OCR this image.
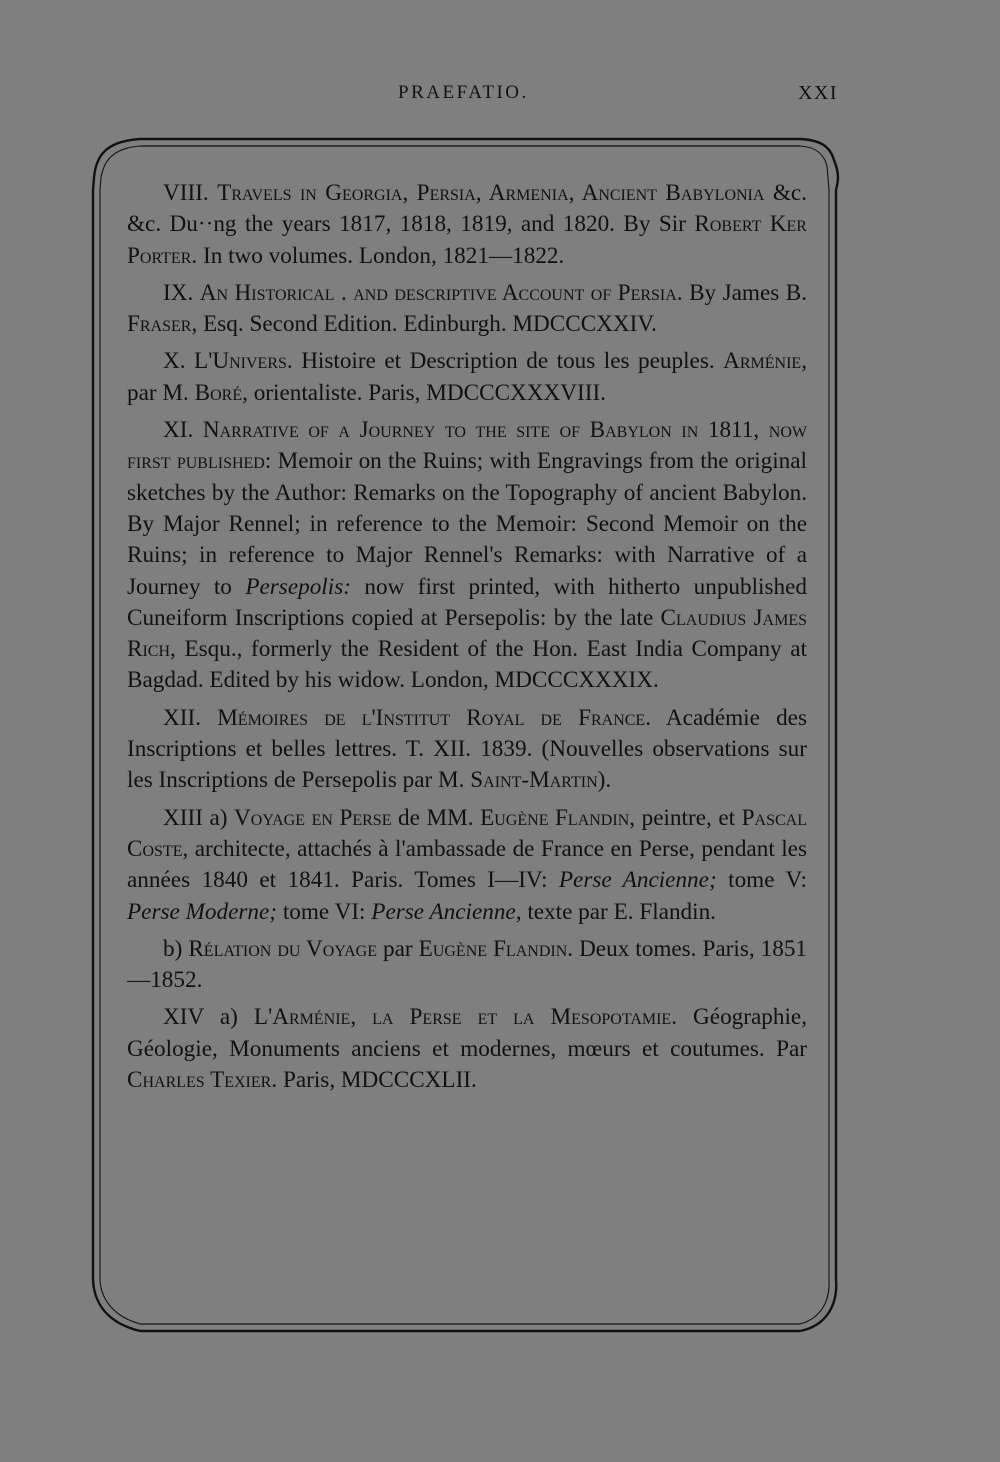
PRAEFATIO.	XXI

VIII. Travels in Georgia, Persia, Armenia, Ancient Babylonia &c. &c. Du··ng the years 1817, 1818, 1819, and 1820. By Sir Robert Ker Porter. In two volumes. London, 1821—1822.

IX. An Historical . and descriptive Account of Persia. By James B. Fraser, Esq. Second Edition. Edinburgh. MDCCCXXIV.

X. L'Univers. Histoire et Description de tous les peuples. Arménie, par M. Boré, orientaliste. Paris, MDCCCXXXVIII.

XI. Narrative of a Journey to the site of Babylon in 1811, now first published: Memoir on the Ruins; with Engravings from the original sketches by the Author: Remarks on the Topography of ancient Babylon. By Major Rennel; in reference to the Memoir: Second Memoir on the Ruins; in reference to Major Rennel's Remarks: with Narrative of a Journey to Persepolis: now first printed, with hitherto unpublished Cuneiform Inscriptions copied at Persepolis: by the late Claudius James Rich, Esqu., formerly the Resident of the Hon. East India Company at Bagdad. Edited by his widow. London, MDCCCXXXIX.

XII. Mémoires de l'Institut Royal de France. Académie des Inscriptions et belles lettres. T. XII. 1839. (Nouvelles observations sur les Inscriptions de Persepolis par M. Saint-Martin).

XIII a) Voyage en Perse de MM. Eugène Flandin, peintre, et Pascal Coste, architecte, attachés à l'ambassade de France en Perse, pendant les années 1840 et 1841. Paris. Tomes I—IV: Perse Ancienne; tome V: Perse Moderne; tome VI: Perse Ancienne, texte par E. Flandin.

b) Rélation du Voyage par Eugène Flandin. Deux tomes. Paris, 1851—1852.

XIV a) L'Arménie, la Perse et la Mesopotamie. Géographie, Géologie, Monuments anciens et modernes, mœurs et coutumes. Par Charles Texier. Paris, MDCCCXLII.
